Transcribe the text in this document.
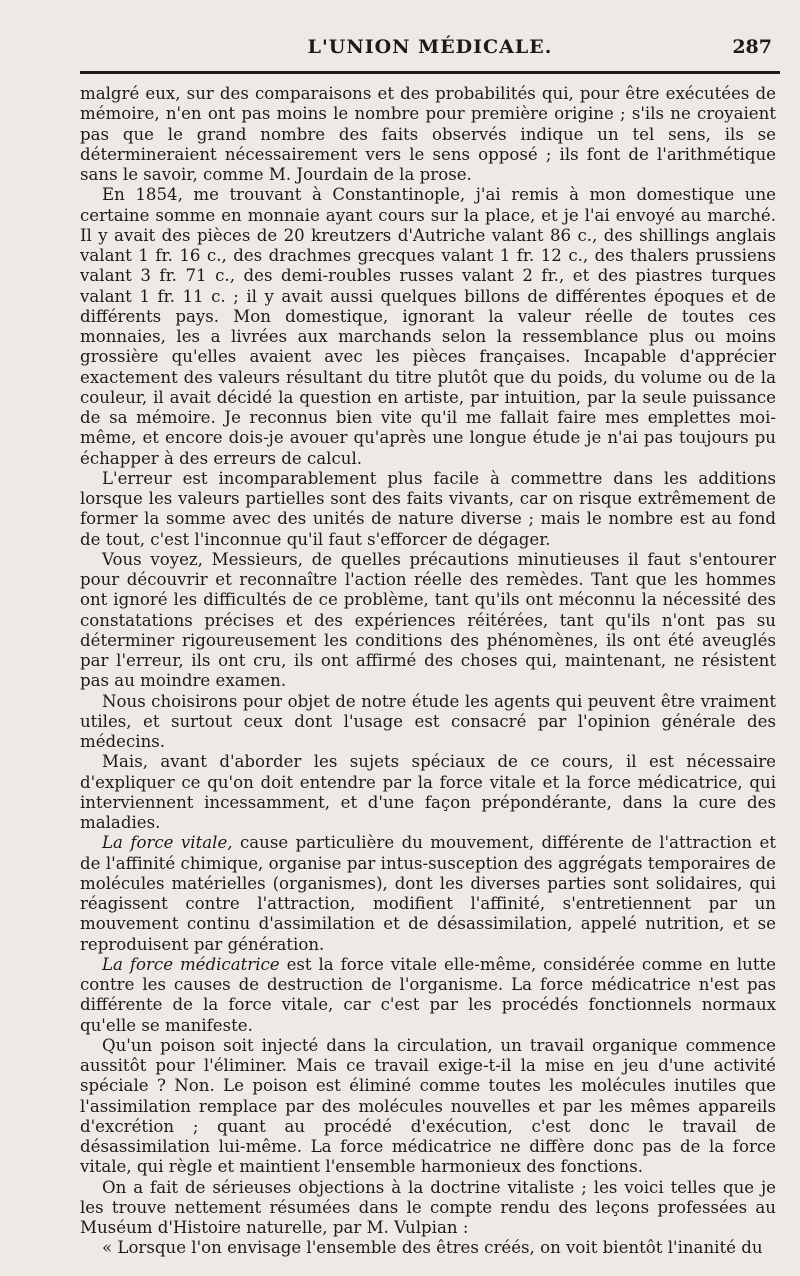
L'UNION MÉDICALE.	287

malgré eux, sur des comparaisons et des probabilités qui, pour être exécutées de mémoire, n'en ont pas moins le nombre pour première origine ; s'ils ne croyaient pas que le grand nombre des faits observés indique un tel sens, ils se détermineraient nécessairement vers le sens opposé ; ils font de l'arithmétique sans le savoir, comme M. Jourdain de la prose.

En 1854, me trouvant à Constantinople, j'ai remis à mon domestique une certaine somme en monnaie ayant cours sur la place, et je l'ai envoyé au marché. Il y avait des pièces de 20 kreutzers d'Autriche valant 86 c., des shillings anglais valant 1 fr. 16 c., des drachmes grecques valant 1 fr. 12 c., des thalers prussiens valant 3 fr. 71 c., des demi-roubles russes valant 2 fr., et des piastres turques valant 1 fr. 11 c. ; il y avait aussi quelques billons de différentes époques et de différents pays. Mon domestique, ignorant la valeur réelle de toutes ces monnaies, les a livrées aux marchands selon la ressemblance plus ou moins grossière qu'elles avaient avec les pièces françaises. Incapable d'apprécier exactement des valeurs résultant du titre plutôt que du poids, du volume ou de la couleur, il avait décidé la question en artiste, par intuition, par la seule puissance de sa mémoire. Je reconnus bien vite qu'il me fallait faire mes emplettes moi-même, et encore dois-je avouer qu'après une longue étude je n'ai pas toujours pu échapper à des erreurs de calcul.

L'erreur est incomparablement plus facile à commettre dans les additions lorsque les valeurs partielles sont des faits vivants, car on risque extrêmement de former la somme avec des unités de nature diverse ; mais le nombre est au fond de tout, c'est l'inconnue qu'il faut s'efforcer de dégager.

Vous voyez, Messieurs, de quelles précautions minutieuses il faut s'entourer pour découvrir et reconnaître l'action réelle des remèdes. Tant que les hommes ont ignoré les difficultés de ce problème, tant qu'ils ont méconnu la nécessité des constatations précises et des expériences réitérées, tant qu'ils n'ont pas su déterminer rigoureusement les conditions des phénomènes, ils ont été aveuglés par l'erreur, ils ont cru, ils ont affirmé des choses qui, maintenant, ne résistent pas au moindre examen.

Nous choisirons pour objet de notre étude les agents qui peuvent être vraiment utiles, et surtout ceux dont l'usage est consacré par l'opinion générale des médecins.

Mais, avant d'aborder les sujets spéciaux de ce cours, il est nécessaire d'expliquer ce qu'on doit entendre par la force vitale et la force médicatrice, qui interviennent incessamment, et d'une façon prépondérante, dans la cure des maladies.

La force vitale, cause particulière du mouvement, différente de l'attraction et de l'affinité chimique, organise par intus-susception des aggrégats temporaires de molécules matérielles (organismes), dont les diverses parties sont solidaires, qui réagissent contre l'attraction, modifient l'affinité, s'entretiennent par un mouvement continu d'assimilation et de désassimilation, appelé nutrition, et se reproduisent par génération.

La force médicatrice est la force vitale elle-même, considérée comme en lutte contre les causes de destruction de l'organisme. La force médicatrice n'est pas différente de la force vitale, car c'est par les procédés fonctionnels normaux qu'elle se manifeste.

Qu'un poison soit injecté dans la circulation, un travail organique commence aussitôt pour l'éliminer. Mais ce travail exige-t-il la mise en jeu d'une activité spéciale ? Non. Le poison est éliminé comme toutes les molécules inutiles que l'assimilation remplace par des molécules nouvelles et par les mêmes appareils d'excrétion ; quant au procédé d'exécution, c'est donc le travail de désassimilation lui-même. La force médicatrice ne diffère donc pas de la force vitale, qui règle et maintient l'ensemble harmonieux des fonctions.

On a fait de sérieuses objections à la doctrine vitaliste ; les voici telles que je les trouve nettement résumées dans le compte rendu des leçons professées au Muséum d'Histoire naturelle, par M. Vulpian :

« Lorsque l'on envisage l'ensemble des êtres créés, on voit bientôt l'inanité du
